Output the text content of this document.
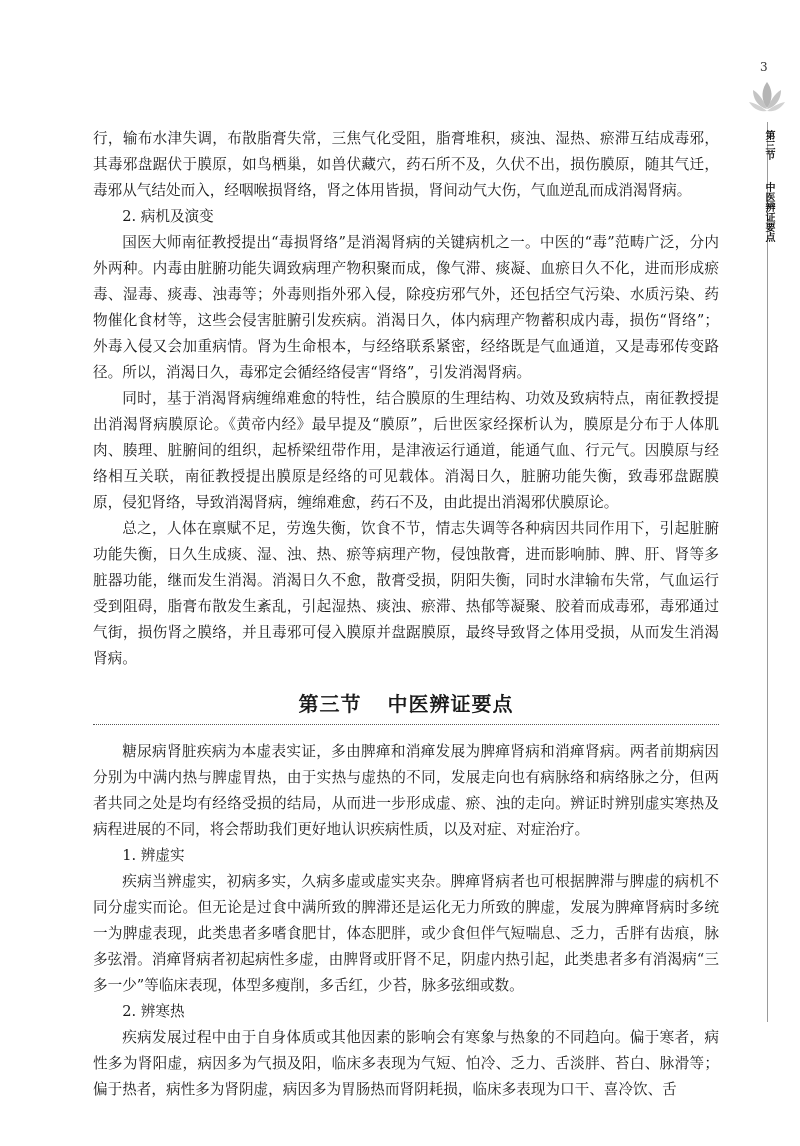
3
第三节
中医辨证要点

行，输布水津失调，布散脂膏失常，三焦气化受阻，脂膏堆积，痰浊、湿热、瘀滞互结成毒邪，其毒邪盘踞伏于膜原，如鸟栖巢，如兽伏藏穴，药石所不及，久伏不出，损伤膜原，随其气迁，毒邪从气结处而入，经咽喉损肾络，肾之体用皆损，肾间动气大伤，气血逆乱而成消渴肾病。

2. 病机及演变

国医大师南征教授提出“毒损肾络”是消渴肾病的关键病机之一。中医的“毒”范畴广泛，分内外两种。内毒由脏腑功能失调致病理产物积聚而成，像气滞、痰凝、血瘀日久不化，进而形成瘀毒、湿毒、痰毒、浊毒等；外毒则指外邪入侵，除疫疠邪气外，还包括空气污染、水质污染、药物催化食材等，这些会侵害脏腑引发疾病。消渴日久，体内病理产物蓄积成内毒，损伤“肾络”；外毒入侵又会加重病情。肾为生命根本，与经络联系紧密，经络既是气血通道，又是毒邪传变路径。所以，消渴日久，毒邪定会循经络侵害“肾络”，引发消渴肾病。

同时，基于消渴肾病缠绵难愈的特性，结合膜原的生理结构、功效及致病特点，南征教授提出消渴肾病膜原论。《黄帝内经》最早提及“膜原”，后世医家经探析认为，膜原是分布于人体肌肉、腠理、脏腑间的组织，起桥梁纽带作用，是津液运行通道，能通气血、行元气。因膜原与经络相互关联，南征教授提出膜原是经络的可见载体。消渴日久，脏腑功能失衡，致毒邪盘踞膜原，侵犯肾络，导致消渴肾病，缠绵难愈，药石不及，由此提出消渴邪伏膜原论。

总之，人体在禀赋不足，劳逸失衡，饮食不节，情志失调等各种病因共同作用下，引起脏腑功能失衡，日久生成痰、湿、浊、热、瘀等病理产物，侵蚀散膏，进而影响肺、脾、肝、肾等多脏器功能，继而发生消渴。消渴日久不愈，散膏受损，阴阳失衡，同时水津输布失常，气血运行受到阻碍，脂膏布散发生紊乱，引起湿热、痰浊、瘀滞、热郁等凝聚、胶着而成毒邪，毒邪通过气街，损伤肾之膜络，并且毒邪可侵入膜原并盘踞膜原，最终导致肾之体用受损，从而发生消渴肾病。

第三节 中医辨证要点

糖尿病肾脏疾病为本虚表实证，多由脾瘅和消瘅发展为脾瘅肾病和消瘅肾病。两者前期病因分别为中满内热与脾虚胃热，由于实热与虚热的不同，发展走向也有病脉络和病络脉之分，但两者共同之处是均有经络受损的结局，从而进一步形成虚、瘀、浊的走向。辨证时辨别虚实寒热及病程进展的不同，将会帮助我们更好地认识疾病性质，以及对症、对症治疗。

1. 辨虚实

疾病当辨虚实，初病多实，久病多虚或虚实夹杂。脾瘅肾病者也可根据脾滞与脾虚的病机不同分虚实而论。但无论是过食中满所致的脾滞还是运化无力所致的脾虚，发展为脾瘅肾病时多统一为脾虚表现，此类患者多嗜食肥甘，体态肥胖，或少食但伴气短喘息、乏力，舌胖有齿痕，脉多弦滑。消瘅肾病者初起病性多虚，由脾肾或肝肾不足，阴虚内热引起，此类患者多有消渴病“三多一少”等临床表现，体型多瘦削，多舌红，少苔，脉多弦细或数。

2. 辨寒热

疾病发展过程中由于自身体质或其他因素的影响会有寒象与热象的不同趋向。偏于寒者，病性多为肾阳虚，病因多为气损及阳，临床多表现为气短、怕冷、乏力、舌淡胖、苔白、脉滑等；偏于热者，病性多为肾阴虚，病因多为胃肠热而肾阴耗损，临床多表现为口干、喜冷饮、舌
